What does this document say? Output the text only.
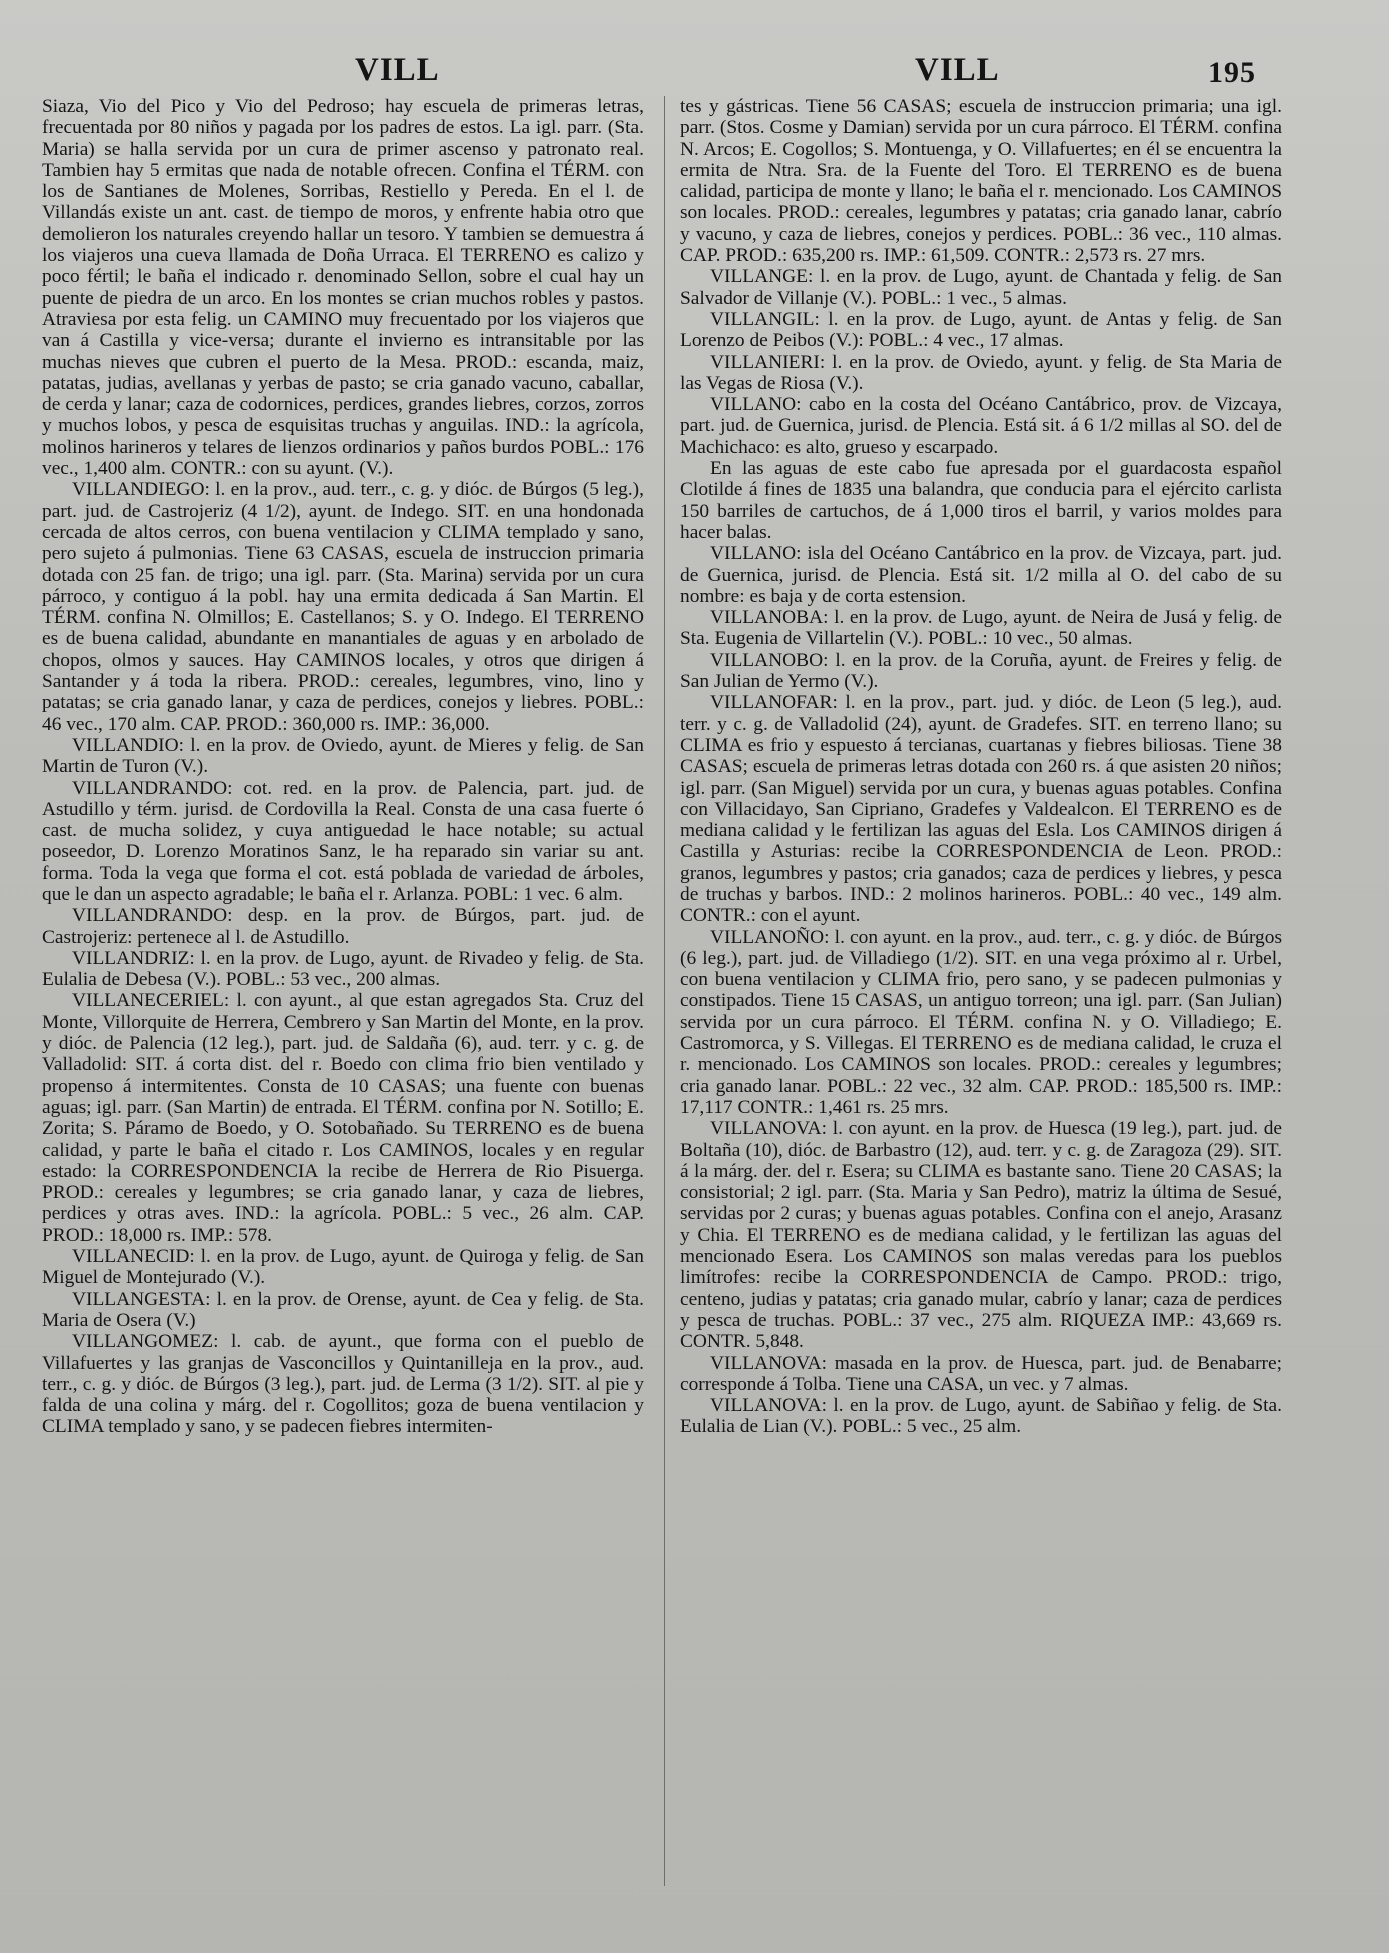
VILL	VILL	195

Siaza, Vio del Pico y Vio del Pedroso; hay escuela de primeras letras, frecuentada por 80 niños y pagada por los padres de estos. La igl. parr. (Sta. Maria) se halla servida por un cura de primer ascenso y patronato real. Tambien hay 5 ermitas que nada de notable ofrecen. Confina el TÉRM. con los de Santianes de Molenes, Sorribas, Restiello y Pereda. En el l. de Villandás existe un ant. cast. de tiempo de moros, y enfrente habia otro que demolieron los naturales creyendo hallar un tesoro. Y tambien se demuestra á los viajeros una cueva llamada de Doña Urraca. El TERRENO es calizo y poco fértil; le baña el indicado r. denominado Sellon, sobre el cual hay un puente de piedra de un arco. En los montes se crian muchos robles y pastos. Atraviesa por esta felig. un CAMINO muy frecuentado por los viajeros que van á Castilla y vice-versa; durante el invierno es intransitable por las muchas nieves que cubren el puerto de la Mesa. PROD.: escanda, maiz, patatas, judias, avellanas y yerbas de pasto; se cria ganado vacuno, caballar, de cerda y lanar; caza de codornices, perdices, grandes liebres, corzos, zorros y muchos lobos, y pesca de esquisitas truchas y anguilas. IND.: la agrícola, molinos harineros y telares de lienzos ordinarios y paños burdos POBL.: 176 vec., 1,400 alm. CONTR.: con su ayunt. (V.).

VILLANDIEGO: l. en la prov., aud. terr., c. g. y dióc. de Búrgos (5 leg.), part. jud. de Castrojeriz (4 1/2), ayunt. de Indego. SIT. en una hondonada cercada de altos cerros, con buena ventilacion y CLIMA templado y sano, pero sujeto á pulmonias. Tiene 63 CASAS, escuela de instruccion primaria dotada con 25 fan. de trigo; una igl. parr. (Sta. Marina) servida por un cura párroco, y contiguo á la pobl. hay una ermita dedicada á San Martin. El TÉRM. confina N. Olmillos; E. Castellanos; S. y O. Indego. El TERRENO es de buena calidad, abundante en manantiales de aguas y en arbolado de chopos, olmos y sauces. Hay CAMINOS locales, y otros que dirigen á Santander y á toda la ribera. PROD.: cereales, legumbres, vino, lino y patatas; se cria ganado lanar, y caza de perdices, conejos y liebres. POBL.: 46 vec., 170 alm. CAP. PROD.: 360,000 rs. IMP.: 36,000.

VILLANDIO: l. en la prov. de Oviedo, ayunt. de Mieres y felig. de San Martin de Turon (V.).

VILLANDRANDO: cot. red. en la prov. de Palencia, part. jud. de Astudillo y térm. jurisd. de Cordovilla la Real. Consta de una casa fuerte ó cast. de mucha solidez, y cuya antiguedad le hace notable; su actual poseedor, D. Lorenzo Moratinos Sanz, le ha reparado sin variar su ant. forma. Toda la vega que forma el cot. está poblada de variedad de árboles, que le dan un aspecto agradable; le baña el r. Arlanza. POBL: 1 vec. 6 alm.

VILLANDRANDO: desp. en la prov. de Búrgos, part. jud. de Castrojeriz: pertenece al l. de Astudillo.

VILLANDRIZ: l. en la prov. de Lugo, ayunt. de Rivadeo y felig. de Sta. Eulalia de Debesa (V.). POBL.: 53 vec., 200 almas.

VILLANECERIEL: l. con ayunt., al que estan agregados Sta. Cruz del Monte, Villorquite de Herrera, Cembrero y San Martin del Monte, en la prov. y dióc. de Palencia (12 leg.), part. jud. de Saldaña (6), aud. terr. y c. g. de Valladolid: SIT. á corta dist. del r. Boedo con clima frio bien ventilado y propenso á intermitentes. Consta de 10 CASAS; una fuente con buenas aguas; igl. parr. (San Martin) de entrada. El TÉRM. confina por N. Sotillo; E. Zorita; S. Páramo de Boedo, y O. Sotobañado. Su TERRENO es de buena calidad, y parte le baña el citado r. Los CAMINOS, locales y en regular estado: la CORRESPONDENCIA la recibe de Herrera de Rio Pisuerga. PROD.: cereales y legumbres; se cria ganado lanar, y caza de liebres, perdices y otras aves. IND.: la agrícola. POBL.: 5 vec., 26 alm. CAP. PROD.: 18,000 rs. IMP.: 578.

VILLANECID: l. en la prov. de Lugo, ayunt. de Quiroga y felig. de San Miguel de Montejurado (V.).

VILLANGESTA: l. en la prov. de Orense, ayunt. de Cea y felig. de Sta. Maria de Osera (V.)

VILLANGOMEZ: l. cab. de ayunt., que forma con el pueblo de Villafuertes y las granjas de Vasconcillos y Quintanilleja en la prov., aud. terr., c. g. y dióc. de Búrgos (3 leg.), part. jud. de Lerma (3 1/2). SIT. al pie y falda de una colina y márg. del r. Cogollitos; goza de buena ventilacion y CLIMA templado y sano, y se padecen fiebres intermiten-

tes y gástricas. Tiene 56 CASAS; escuela de instruccion primaria; una igl. parr. (Stos. Cosme y Damian) servida por un cura párroco. El TÉRM. confina N. Arcos; E. Cogollos; S. Montuenga, y O. Villafuertes; en él se encuentra la ermita de Ntra. Sra. de la Fuente del Toro. El TERRENO es de buena calidad, participa de monte y llano; le baña el r. mencionado. Los CAMINOS son locales. PROD.: cereales, legumbres y patatas; cria ganado lanar, cabrío y vacuno, y caza de liebres, conejos y perdices. POBL.: 36 vec., 110 almas. CAP. PROD.: 635,200 rs. IMP.: 61,509. CONTR.: 2,573 rs. 27 mrs.

VILLANGE: l. en la prov. de Lugo, ayunt. de Chantada y felig. de San Salvador de Villanje (V.). POBL.: 1 vec., 5 almas.

VILLANGIL: l. en la prov. de Lugo, ayunt. de Antas y felig. de San Lorenzo de Peibos (V.): POBL.: 4 vec., 17 almas.

VILLANIERI: l. en la prov. de Oviedo, ayunt. y felig. de Sta Maria de las Vegas de Riosa (V.).

VILLANO: cabo en la costa del Océano Cantábrico, prov. de Vizcaya, part. jud. de Guernica, jurisd. de Plencia. Está sit. á 6 1/2 millas al SO. del de Machichaco: es alto, grueso y escarpado.

En las aguas de este cabo fue apresada por el guardacosta español Clotilde á fines de 1835 una balandra, que conducia para el ejército carlista 150 barriles de cartuchos, de á 1,000 tiros el barril, y varios moldes para hacer balas.

VILLANO: isla del Océano Cantábrico en la prov. de Vizcaya, part. jud. de Guernica, jurisd. de Plencia. Está sit. 1/2 milla al O. del cabo de su nombre: es baja y de corta estension.

VILLANOBA: l. en la prov. de Lugo, ayunt. de Neira de Jusá y felig. de Sta. Eugenia de Villartelin (V.). POBL.: 10 vec., 50 almas.

VILLANOBO: l. en la prov. de la Coruña, ayunt. de Freires y felig. de San Julian de Yermo (V.).

VILLANOFAR: l. en la prov., part. jud. y dióc. de Leon (5 leg.), aud. terr. y c. g. de Valladolid (24), ayunt. de Gradefes. SIT. en terreno llano; su CLIMA es frio y espuesto á tercianas, cuartanas y fiebres biliosas. Tiene 38 CASAS; escuela de primeras letras dotada con 260 rs. á que asisten 20 niños; igl. parr. (San Miguel) servida por un cura, y buenas aguas potables. Confina con Villacidayo, San Cipriano, Gradefes y Valdealcon. El TERRENO es de mediana calidad y le fertilizan las aguas del Esla. Los CAMINOS dirigen á Castilla y Asturias: recibe la CORRESPONDENCIA de Leon. PROD.: granos, legumbres y pastos; cria ganados; caza de perdices y liebres, y pesca de truchas y barbos. IND.: 2 molinos harineros. POBL.: 40 vec., 149 alm. CONTR.: con el ayunt.

VILLANOÑO: l. con ayunt. en la prov., aud. terr., c. g. y dióc. de Búrgos (6 leg.), part. jud. de Villadiego (1/2). SIT. en una vega próximo al r. Urbel, con buena ventilacion y CLIMA frio, pero sano, y se padecen pulmonias y constipados. Tiene 15 CASAS, un antiguo torreon; una igl. parr. (San Julian) servida por un cura párroco. El TÉRM. confina N. y O. Villadiego; E. Castromorca, y S. Villegas. El TERRENO es de mediana calidad, le cruza el r. mencionado. Los CAMINOS son locales. PROD.: cereales y legumbres; cria ganado lanar. POBL.: 22 vec., 32 alm. CAP. PROD.: 185,500 rs. IMP.: 17,117 CONTR.: 1,461 rs. 25 mrs.

VILLANOVA: l. con ayunt. en la prov. de Huesca (19 leg.), part. jud. de Boltaña (10), dióc. de Barbastro (12), aud. terr. y c. g. de Zaragoza (29). SIT. á la márg. der. del r. Esera; su CLIMA es bastante sano. Tiene 20 CASAS; la consistorial; 2 igl. parr. (Sta. Maria y San Pedro), matriz la última de Sesué, servidas por 2 curas; y buenas aguas potables. Confina con el anejo, Arasanz y Chia. El TERRENO es de mediana calidad, y le fertilizan las aguas del mencionado Esera. Los CAMINOS son malas veredas para los pueblos limítrofes: recibe la CORRESPONDENCIA de Campo. PROD.: trigo, centeno, judias y patatas; cria ganado mular, cabrío y lanar; caza de perdices y pesca de truchas. POBL.: 37 vec., 275 alm. RIQUEZA IMP.: 43,669 rs. CONTR. 5,848.

VILLANOVA: masada en la prov. de Huesca, part. jud. de Benabarre; corresponde á Tolba. Tiene una CASA, un vec. y 7 almas.

VILLANOVA: l. en la prov. de Lugo, ayunt. de Sabiñao y felig. de Sta. Eulalia de Lian (V.). POBL.: 5 vec., 25 alm.
